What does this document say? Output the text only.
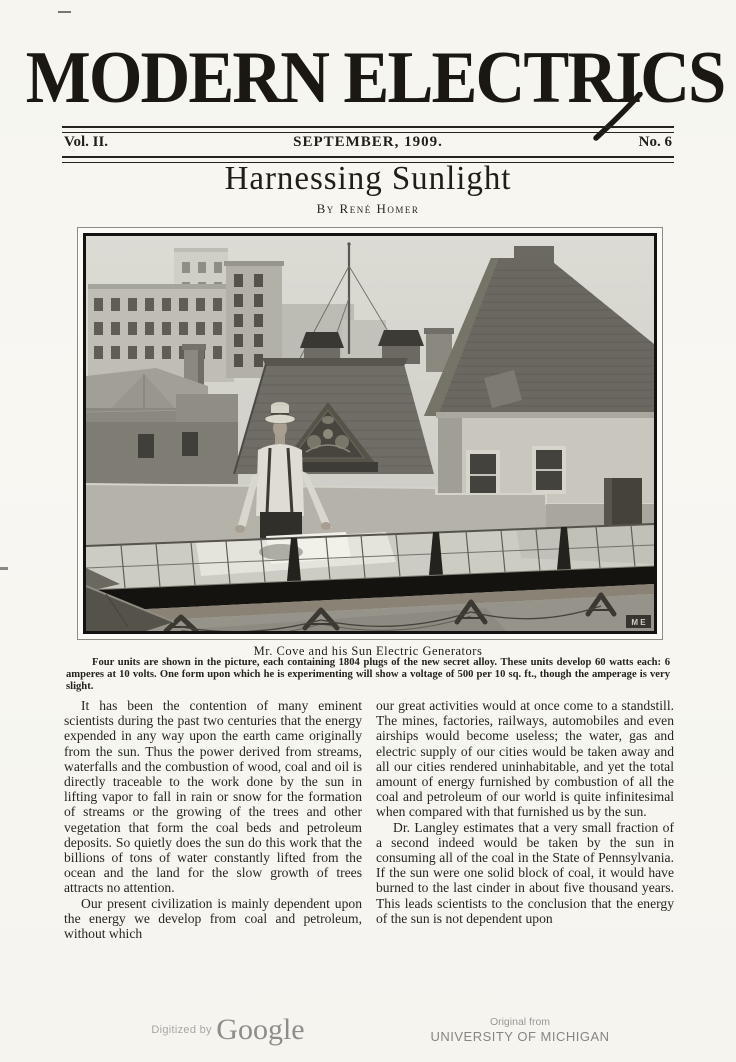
MODERN ELECTRICS
Vol. II.	SEPTEMBER, 1909.	No. 6
Harnessing Sunlight
By René Homer
M E
Mr. Cove and his Sun Electric Generators
Four units are shown in the picture, each containing 1804 plugs of the new secret alloy. These units develop 60 watts each: 6 amperes at 10 volts. One form upon which he is experimenting will show a voltage of 500 per 10 sq. ft., though the amperage is very slight.

It has been the contention of many eminent scientists during the past two centuries that the energy expended in any way upon the earth came originally from the sun. Thus the power derived from streams, waterfalls and the combustion of wood, coal and oil is directly traceable to the work done by the sun in lifting vapor to fall in rain or snow for the formation of streams or the growing of the trees and other vegetation that form the coal beds and petroleum deposits. So quietly does the sun do this work that the billions of tons of water constantly lifted from the ocean and the land for the slow growth of trees attracts no attention.

Our present civilization is mainly dependent upon the energy we develop from coal and petroleum, without which

our great activities would at once come to a standstill. The mines, factories, railways, automobiles and even airships would become useless; the water, gas and electric supply of our cities would be taken away and all our cities rendered uninhabitable, and yet the total amount of energy furnished by combustion of all the coal and petroleum of our world is quite infinitesimal when compared with that furnished us by the sun.

Dr. Langley estimates that a very small fraction of a second indeed would be taken by the sun in consuming all of the coal in the State of Pennsylvania. If the sun were one solid block of coal, it would have burned to the last cinder in about five thousand years. This leads scientists to the conclusion that the energy of the sun is not dependent upon

$^{Digitized by}$ Google	Original from
UNIVERSITY OF MICHIGAN
